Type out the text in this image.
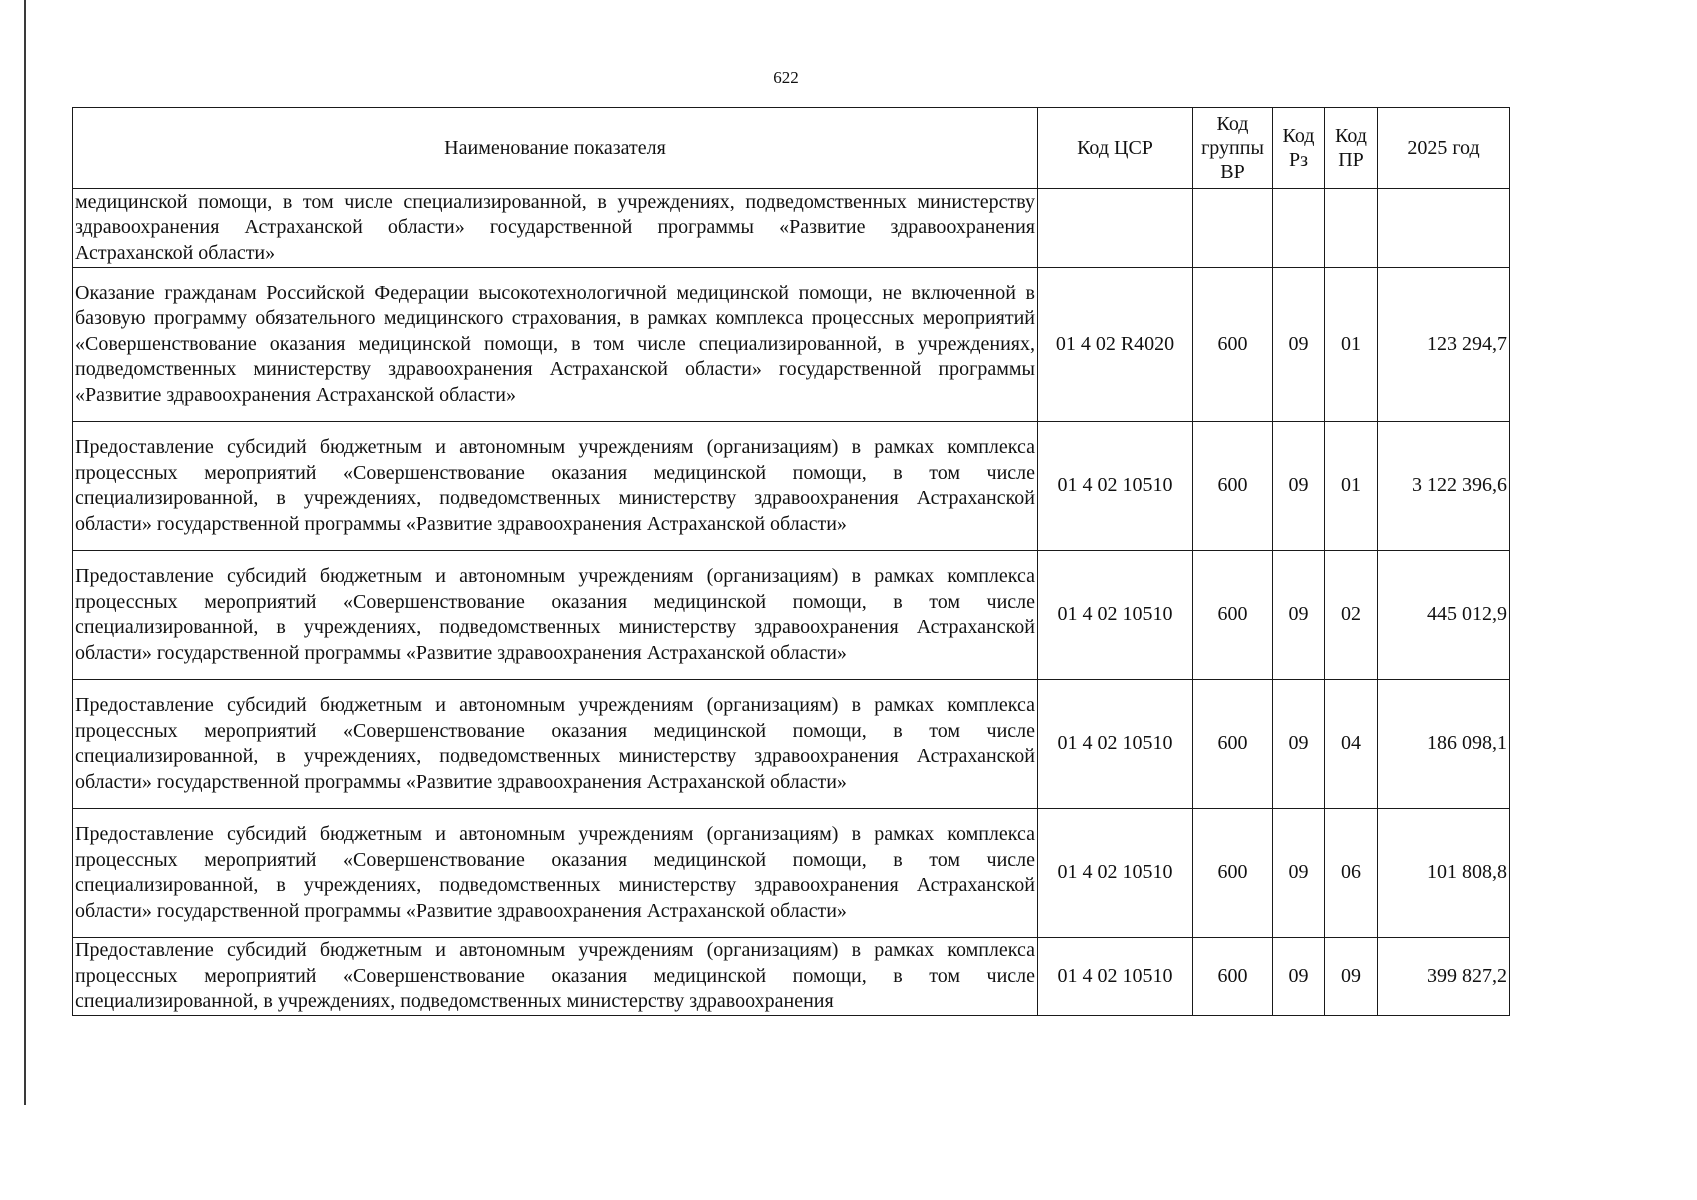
622
Наименование показателя	Код ЦСР	Код группы ВР	Код Рз	Код ПР	2025 год
медицинской помощи, в том числе специализированной, в учреждениях, подведомственных министерству здравоохранения Астраханской области» государственной программы «Развитие здравоохранения Астраханской области»					
Оказание гражданам Российской Федерации высокотехнологичной медицинской помощи, не включенной в базовую программу обязательного медицинского страхования, в рамках комплекса процессных мероприятий «Совершенствование оказания медицинской помощи, в том числе специализированной, в учреждениях, подведомственных министерству здравоохранения Астраханской области» государственной программы «Развитие здравоохранения Астраханской области»	01 4 02 R4020	600	09	01	123 294,7
Предоставление субсидий бюджетным и автономным учреждениям (организациям) в рамках комплекса процессных мероприятий «Совершенствование оказания медицинской помощи, в том числе специализированной, в учреждениях, подведомственных министерству здравоохранения Астраханской области» государственной программы «Развитие здравоохранения Астраханской области»	01 4 02 10510	600	09	01	3 122 396,6
Предоставление субсидий бюджетным и автономным учреждениям (организациям) в рамках комплекса процессных мероприятий «Совершенствование оказания медицинской помощи, в том числе специализированной, в учреждениях, подведомственных министерству здравоохранения Астраханской области» государственной программы «Развитие здравоохранения Астраханской области»	01 4 02 10510	600	09	02	445 012,9
Предоставление субсидий бюджетным и автономным учреждениям (организациям) в рамках комплекса процессных мероприятий «Совершенствование оказания медицинской помощи, в том числе специализированной, в учреждениях, подведомственных министерству здравоохранения Астраханской области» государственной программы «Развитие здравоохранения Астраханской области»	01 4 02 10510	600	09	04	186 098,1
Предоставление субсидий бюджетным и автономным учреждениям (организациям) в рамках комплекса процессных мероприятий «Совершенствование оказания медицинской помощи, в том числе специализированной, в учреждениях, подведомственных министерству здравоохранения Астраханской области» государственной программы «Развитие здравоохранения Астраханской области»	01 4 02 10510	600	09	06	101 808,8
Предоставление субсидий бюджетным и автономным учреждениям (организациям) в рамках комплекса процессных мероприятий «Совершенствование оказания медицинской помощи, в том числе специализированной, в учреждениях, подведомственных министерству здравоохранения	01 4 02 10510	600	09	09	399 827,2
